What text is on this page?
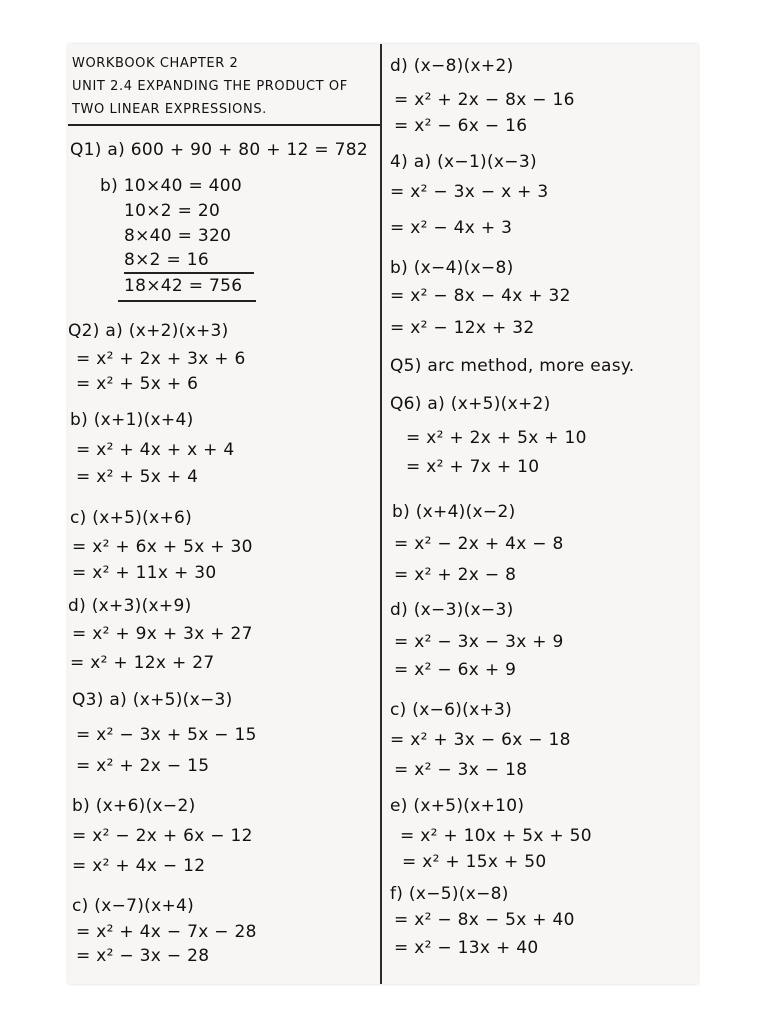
WORKBOOK CHAPTER 2
UNIT 2.4 EXPANDING THE PRODUCT OF
TWO LINEAR EXPRESSIONS.
Q1) a) 600 + 90 + 80 + 12 = 782
b) 10×40 = 400
10×2 = 20
8×40 = 320
8×2 = 16
18×42 = 756
Q2) a) (x+2)(x+3)
= x² + 2x + 3x + 6
= x² + 5x + 6
b) (x+1)(x+4)
= x² + 4x + x + 4
= x² + 5x + 4
c) (x+5)(x+6)
= x² + 6x + 5x + 30
= x² + 11x + 30
d) (x+3)(x+9)
= x² + 9x + 3x + 27
= x² + 12x + 27
Q3) a) (x+5)(x−3)
= x² − 3x + 5x − 15
= x² + 2x − 15
b) (x+6)(x−2)
= x² − 2x + 6x − 12
= x² + 4x − 12
c) (x−7)(x+4)
= x² + 4x − 7x − 28
= x² − 3x − 28
d) (x−8)(x+2)
= x² + 2x − 8x − 16
= x² − 6x − 16
4) a) (x−1)(x−3)
= x² − 3x − x + 3
= x² − 4x + 3
b) (x−4)(x−8)
= x² − 8x − 4x + 32
= x² − 12x + 32
Q5) arc method, more easy.
Q6) a) (x+5)(x+2)
= x² + 2x + 5x + 10
= x² + 7x + 10
b) (x+4)(x−2)
= x² − 2x + 4x − 8
= x² + 2x − 8
d) (x−3)(x−3)
= x² − 3x − 3x + 9
= x² − 6x + 9
c) (x−6)(x+3)
= x² + 3x − 6x − 18
= x² − 3x − 18
e) (x+5)(x+10)
= x² + 10x + 5x + 50
= x² + 15x + 50
f) (x−5)(x−8)
= x² − 8x − 5x + 40
= x² − 13x + 40
